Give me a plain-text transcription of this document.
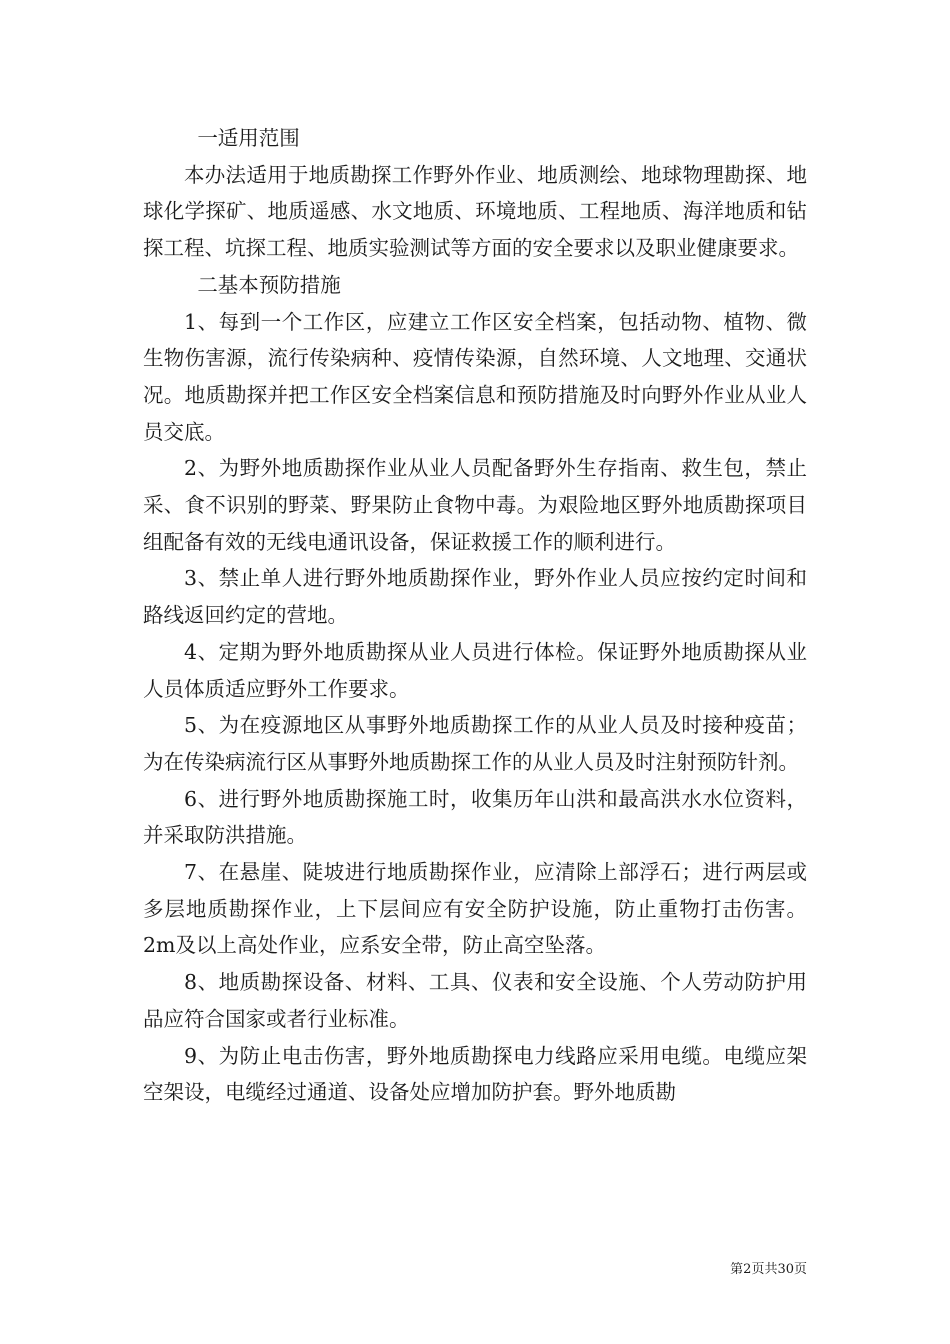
一适用范围

本办法适用于地质勘探工作野外作业、地质测绘、地球物理勘探、地球化学探矿、地质遥感、水文地质、环境地质、工程地质、海洋地质和钻探工程、坑探工程、地质实验测试等方面的安全要求以及职业健康要求。

二基本预防措施

1、每到一个工作区，应建立工作区安全档案，包括动物、植物、微生物伤害源，流行传染病种、疫情传染源，自然环境、人文地理、交通状况。地质勘探并把工作区安全档案信息和预防措施及时向野外作业从业人员交底。

2、为野外地质勘探作业从业人员配备野外生存指南、救生包，禁止采、食不识别的野菜、野果防止食物中毒。为艰险地区野外地质勘探项目组配备有效的无线电通讯设备，保证救援工作的顺利进行。

3、禁止单人进行野外地质勘探作业，野外作业人员应按约定时间和路线返回约定的营地。

4、定期为野外地质勘探从业人员进行体检。保证野外地质勘探从业人员体质适应野外工作要求。

5、为在疫源地区从事野外地质勘探工作的从业人员及时接种疫苗；为在传染病流行区从事野外地质勘探工作的从业人员及时注射预防针剂。

6、进行野外地质勘探施工时，收集历年山洪和最高洪水水位资料，并采取防洪措施。

7、在悬崖、陡坡进行地质勘探作业，应清除上部浮石；进行两层或多层地质勘探作业，上下层间应有安全防护设施，防止重物打击伤害。2m及以上高处作业，应系安全带，防止高空坠落。

8、地质勘探设备、材料、工具、仪表和安全设施、个人劳动防护用品应符合国家或者行业标准。

9、为防止电击伤害，野外地质勘探电力线路应采用电缆。电缆应架空架设，电缆经过通道、设备处应增加防护套。野外地质勘

第2页共30页
